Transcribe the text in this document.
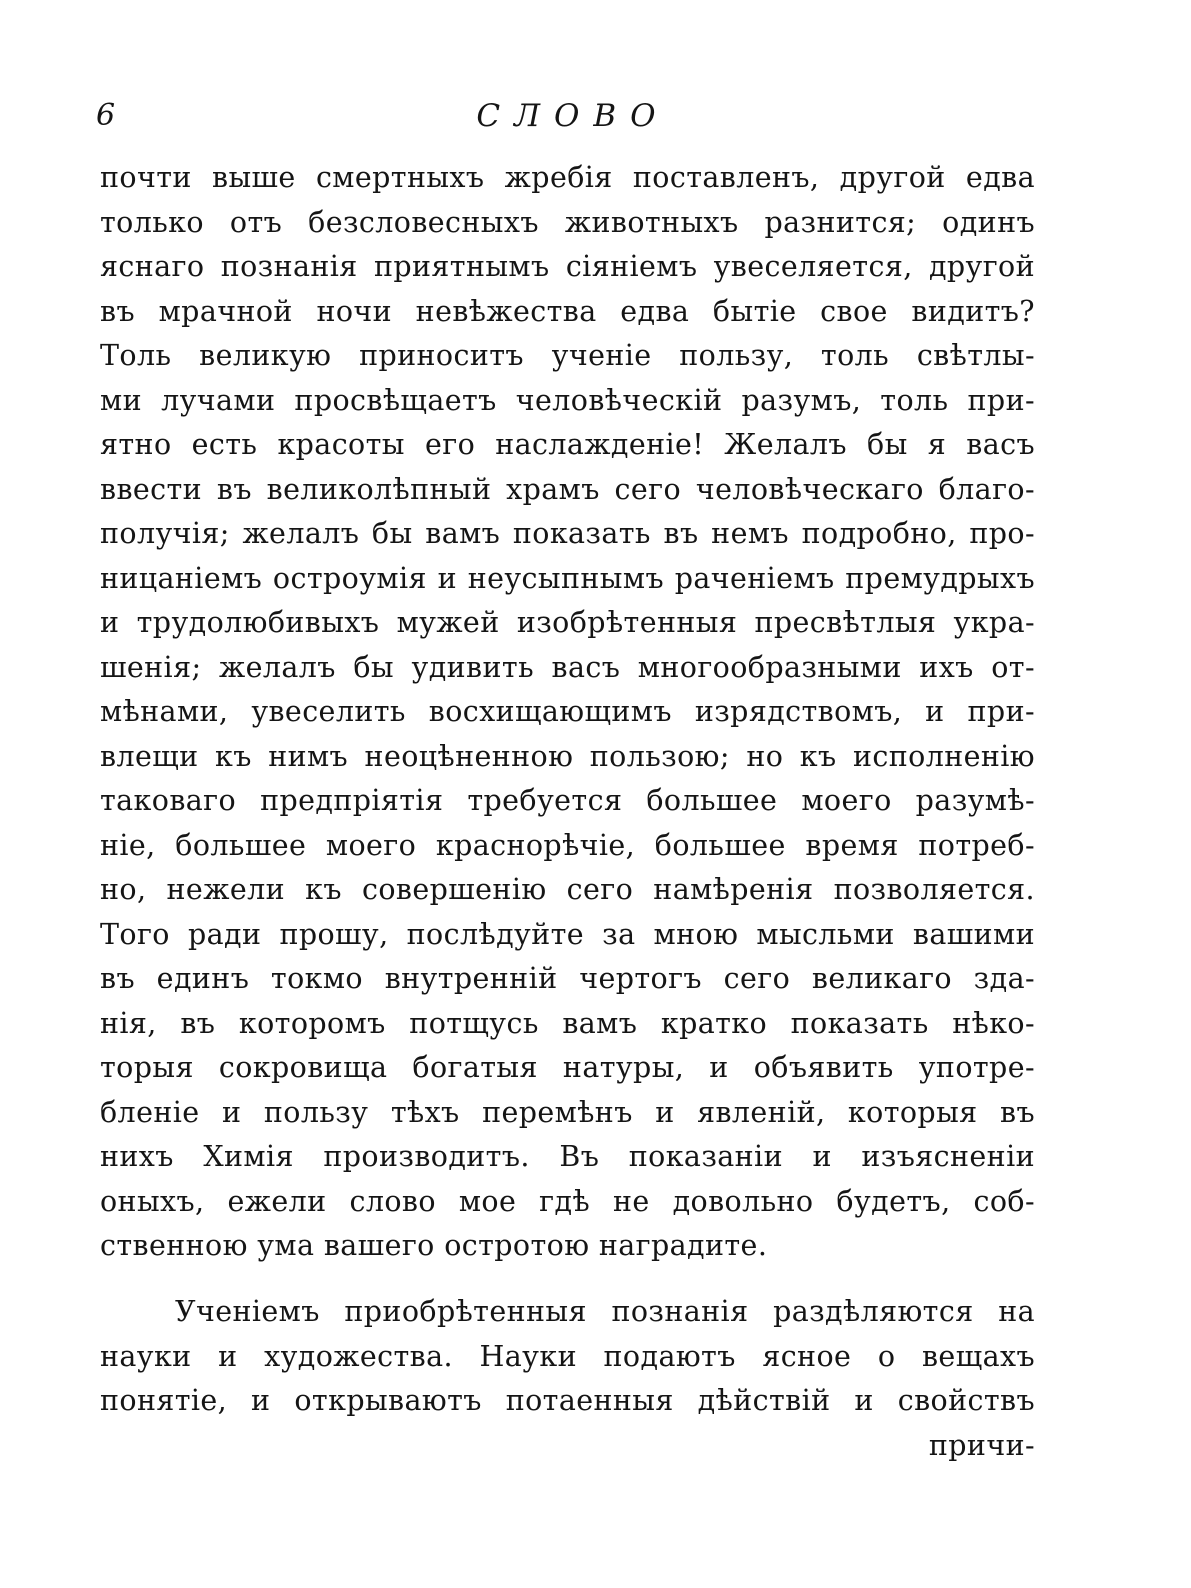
6	СЛОВО
почти выше смертныхъ жребія поставленъ, другой едва
только отъ безсловесныхъ животныхъ разнится; одинъ
яснаго познанія приятнымъ сіяніемъ увеселяется, другой
въ мрачной ночи невѣжества едва бытіе свое видитъ?
Толь великую приноситъ ученіе пользу, толь свѣтлы-
ми лучами просвѣщаетъ человѣческій разумъ, толь при-
ятно есть красоты его наслажденіе! Желалъ бы я васъ
ввести въ великолѣпный храмъ сего человѣческаго благо-
получія; желалъ бы вамъ показать въ немъ подробно, про-
ницаніемъ остроумія и неусыпнымъ раченіемъ премудрыхъ
и трудолюбивыхъ мужей изобрѣтенныя пресвѣтлыя укра-
шенія; желалъ бы удивить васъ многообразными ихъ от-
мѣнами, увеселить восхищающимъ изрядствомъ, и при-
влещи къ нимъ неоцѣненною пользою; но къ исполненію
таковаго предпріятія требуется большее моего разумѣ-
ніе, большее моего краснорѣчіе, большее время потреб-
но, нежели къ совершенію сего намѣренія позволяется.
Того ради прошу, послѣдуйте за мною мысльми вашими
въ единъ токмо внутренній чертогъ сего великаго зда-
нія, въ которомъ потщусь вамъ кратко показать нѣко-
торыя сокровища богатыя натуры, и объявить употре-
бленіе и пользу тѣхъ перемѣнъ и явленій, которыя въ
нихъ Химія производитъ. Въ показаніи и изъясненіи
оныхъ, ежели слово мое гдѣ не довольно будетъ, соб-
ственною ума вашего остротою наградите.
Ученіемъ приобрѣтенныя познанія раздѣляются на
науки и художества. Науки подаютъ ясное о вещахъ
понятіе, и открываютъ потаенныя дѣйствій и свойствъ
причи-
